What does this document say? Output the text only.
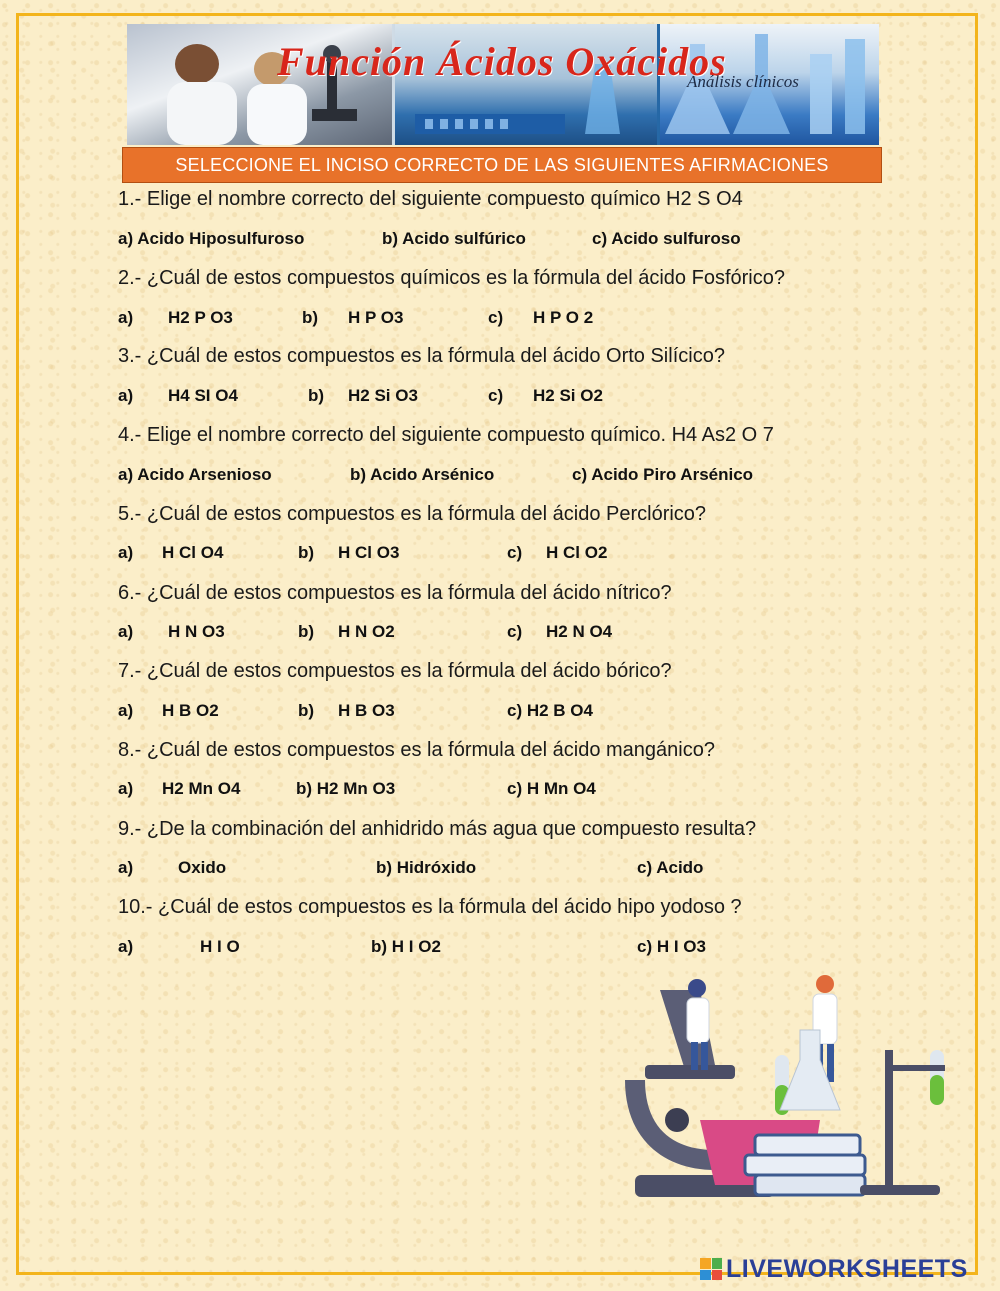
Función Ácidos Oxácidos
Análisis clínicos
SELECCIONE EL INCISO CORRECTO DE LAS SIGUIENTES AFIRMACIONES
1.- Elige el nombre correcto del siguiente compuesto químico H2 S O4
a) Acido Hiposulfuroso	b) Acido sulfúrico	c) Acido sulfuroso
2.- ¿Cuál de estos compuestos químicos es la fórmula del ácido Fosfórico?
a) H2 P O3	b) H P O3	c) H P O 2
3.- ¿Cuál de estos compuestos es la fórmula del ácido Orto Silícico?
a) H4 SI O4	b) H2 Si O3	c) H2 Si O2
4.- Elige el nombre correcto del siguiente compuesto químico. H4 As2 O 7
a) Acido Arsenioso	b) Acido Arsénico	c) Acido Piro Arsénico
5.- ¿Cuál de estos compuestos es la fórmula del ácido Perclórico?
a) H Cl O4	b) H Cl O3	c) H Cl O2
6.- ¿Cuál de estos compuestos es la fórmula del ácido nítrico?
a) H N O3	b) H N O2	c) H2 N O4
7.- ¿Cuál de estos compuestos es la fórmula del ácido bórico?
a) H B O2	b) H B O3	c) H2 B O4
8.- ¿Cuál de estos compuestos es la fórmula del ácido mangánico?
a) H2 Mn O4	b) H2 Mn O3	c) H Mn O4
9.- ¿De la combinación del anhidrido más agua que compuesto resulta?
a)	Oxido	b) Hidróxido	c) Acido
10.- ¿Cuál de estos compuestos es la fórmula del ácido hipo yodoso ?
a)	H I O	b) H I O2	c) H I O3
LIVEWORKSHEETS
